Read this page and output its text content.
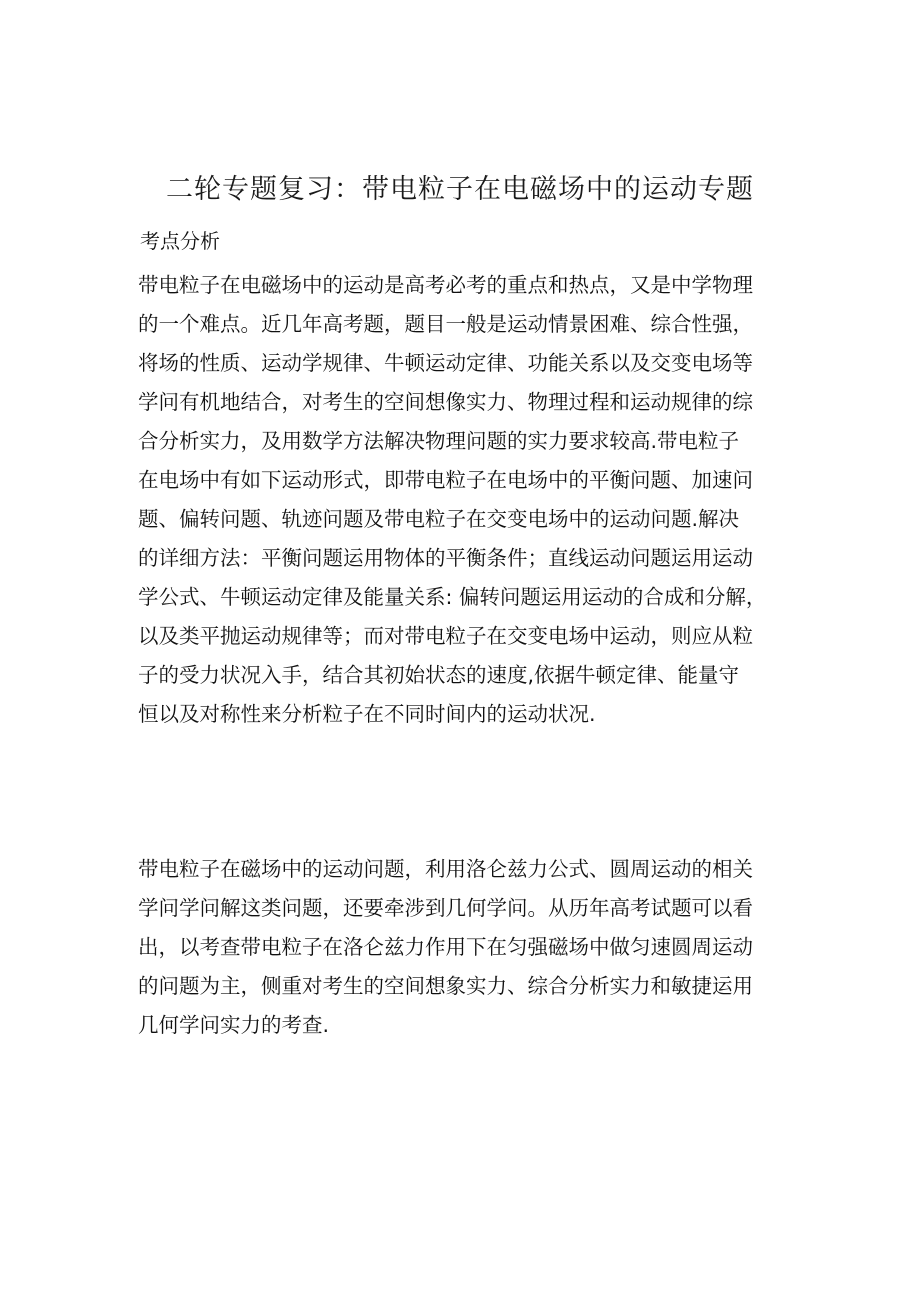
二轮专题复习：带电粒子在电磁场中的运动专题
考点分析
带电粒子在电磁场中的运动是高考必考的重点和热点，又是中学物理
的一个难点。近几年高考题，题目一般是运动情景困难、综合性强，
将场的性质、运动学规律、牛顿运动定律、功能关系以及交变电场等
学问有机地结合，对考生的空间想像实力、物理过程和运动规律的综
合分析实力，及用数学方法解决物理问题的实力要求较高.带电粒子
在电场中有如下运动形式，即带电粒子在电场中的平衡问题、加速问
题、偏转问题、轨迹问题及带电粒子在交变电场中的运动问题.解决
的详细方法：平衡问题运用物体的平衡条件；直线运动问题运用运动
学公式、牛顿运动定律及能量关系: 偏转问题运用运动的合成和分解，
以及类平抛运动规律等；而对带电粒子在交变电场中运动，则应从粒
子的受力状况入手，结合其初始状态的速度,依据牛顿定律、能量守
恒以及对称性来分析粒子在不同时间内的运动状况.
带电粒子在磁场中的运动问题，利用洛仑兹力公式、圆周运动的相关
学问学问解这类问题，还要牵涉到几何学问。从历年高考试题可以看
出，以考查带电粒子在洛仑兹力作用下在匀强磁场中做匀速圆周运动
的问题为主，侧重对考生的空间想象实力、综合分析实力和敏捷运用
几何学问实力的考查.
